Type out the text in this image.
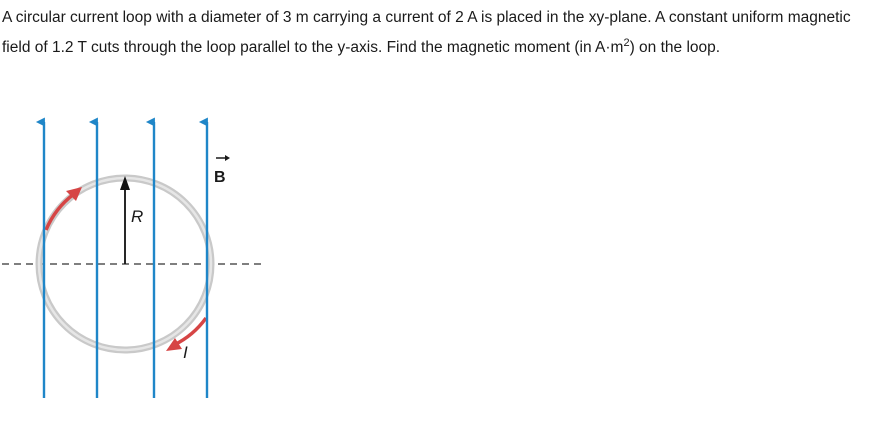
A circular current loop with a diameter of 3 m carrying a current of 2 A is placed in the xy-plane. A constant uniform magnetic field of 1.2 T cuts through the loop parallel to the y-axis. Find the magnetic moment (in $A\cdot m^2$) on the loop.

R
I
B
